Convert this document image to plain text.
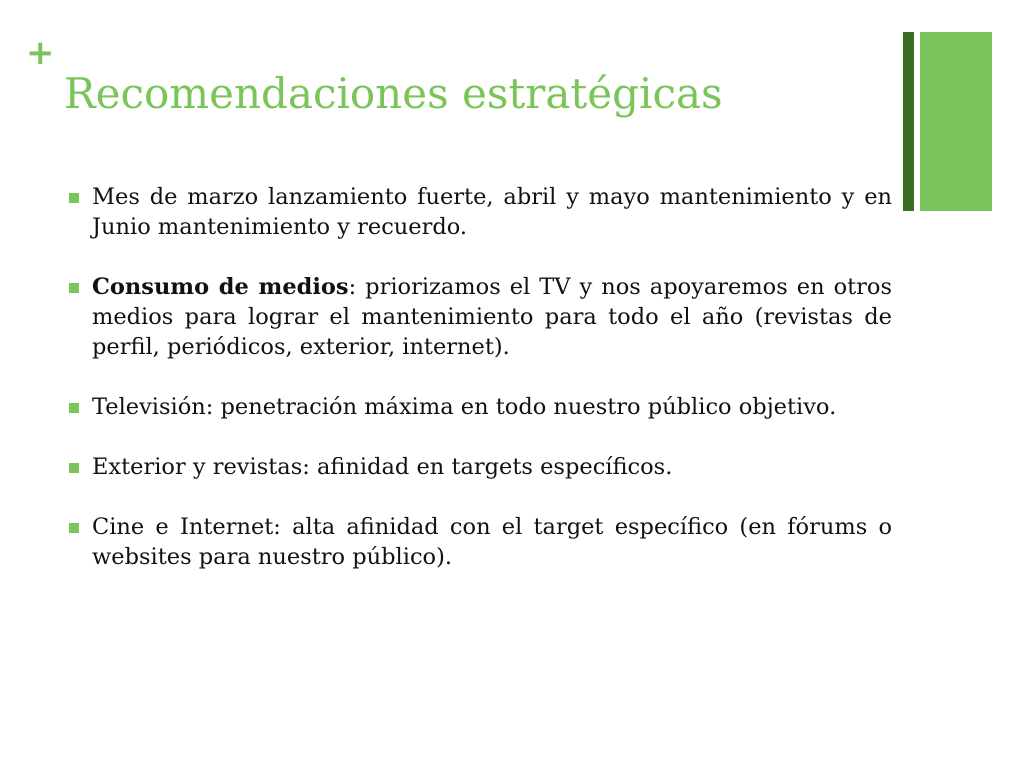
+
Recomendaciones estratégicas
Mes de marzo lanzamiento fuerte, abril y mayo mantenimiento y en Junio mantenimiento y recuerdo.
Consumo de medios: priorizamos el TV y nos apoyaremos en otros medios para lograr el mantenimiento para todo el año (revistas de perfil, periódicos, exterior, internet).
Televisión: penetración máxima en todo nuestro público objetivo.
Exterior y revistas: afinidad en targets específicos.
Cine e Internet: alta afinidad con el target específico (en fórums o websites para nuestro público).
